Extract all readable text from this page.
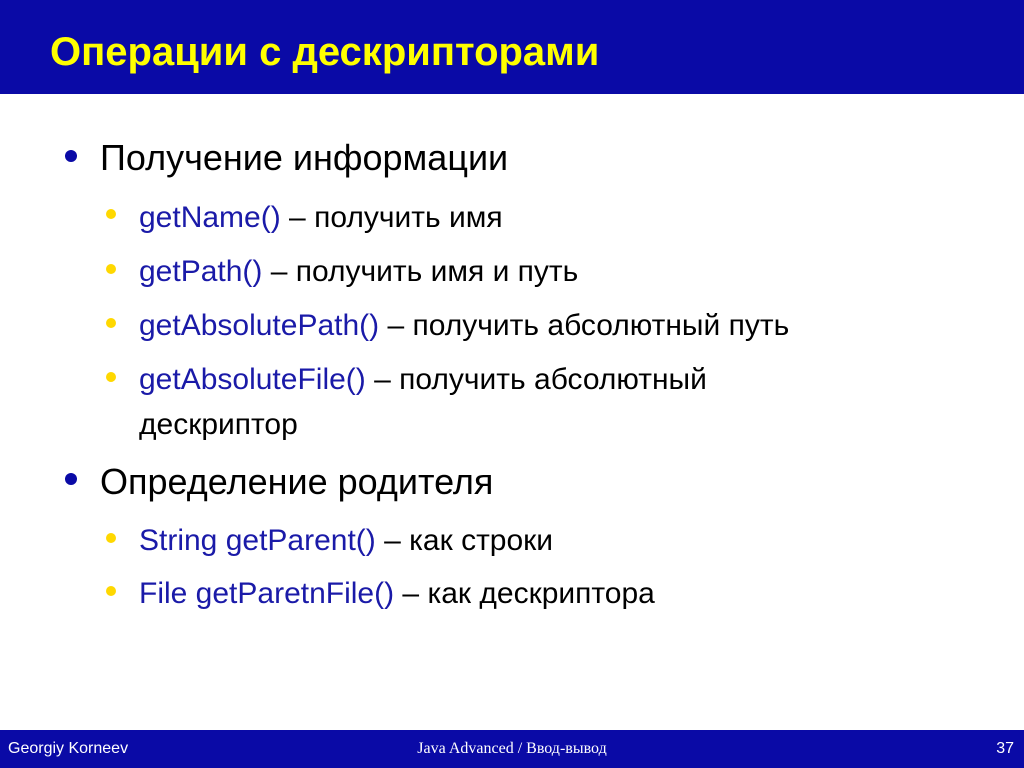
Операции с дескрипторами
Получение информации
getName() – получить имя
getPath() – получить имя и путь
getAbsolutePath() – получить абсолютный путь
getAbsoluteFile() – получить абсолютный
дескриптор
Определение родителя
String getParent() – как строки
File getParetnFile() – как дескриптора
Georgiy Korneev	Java Advanced / Ввод-вывод	37
